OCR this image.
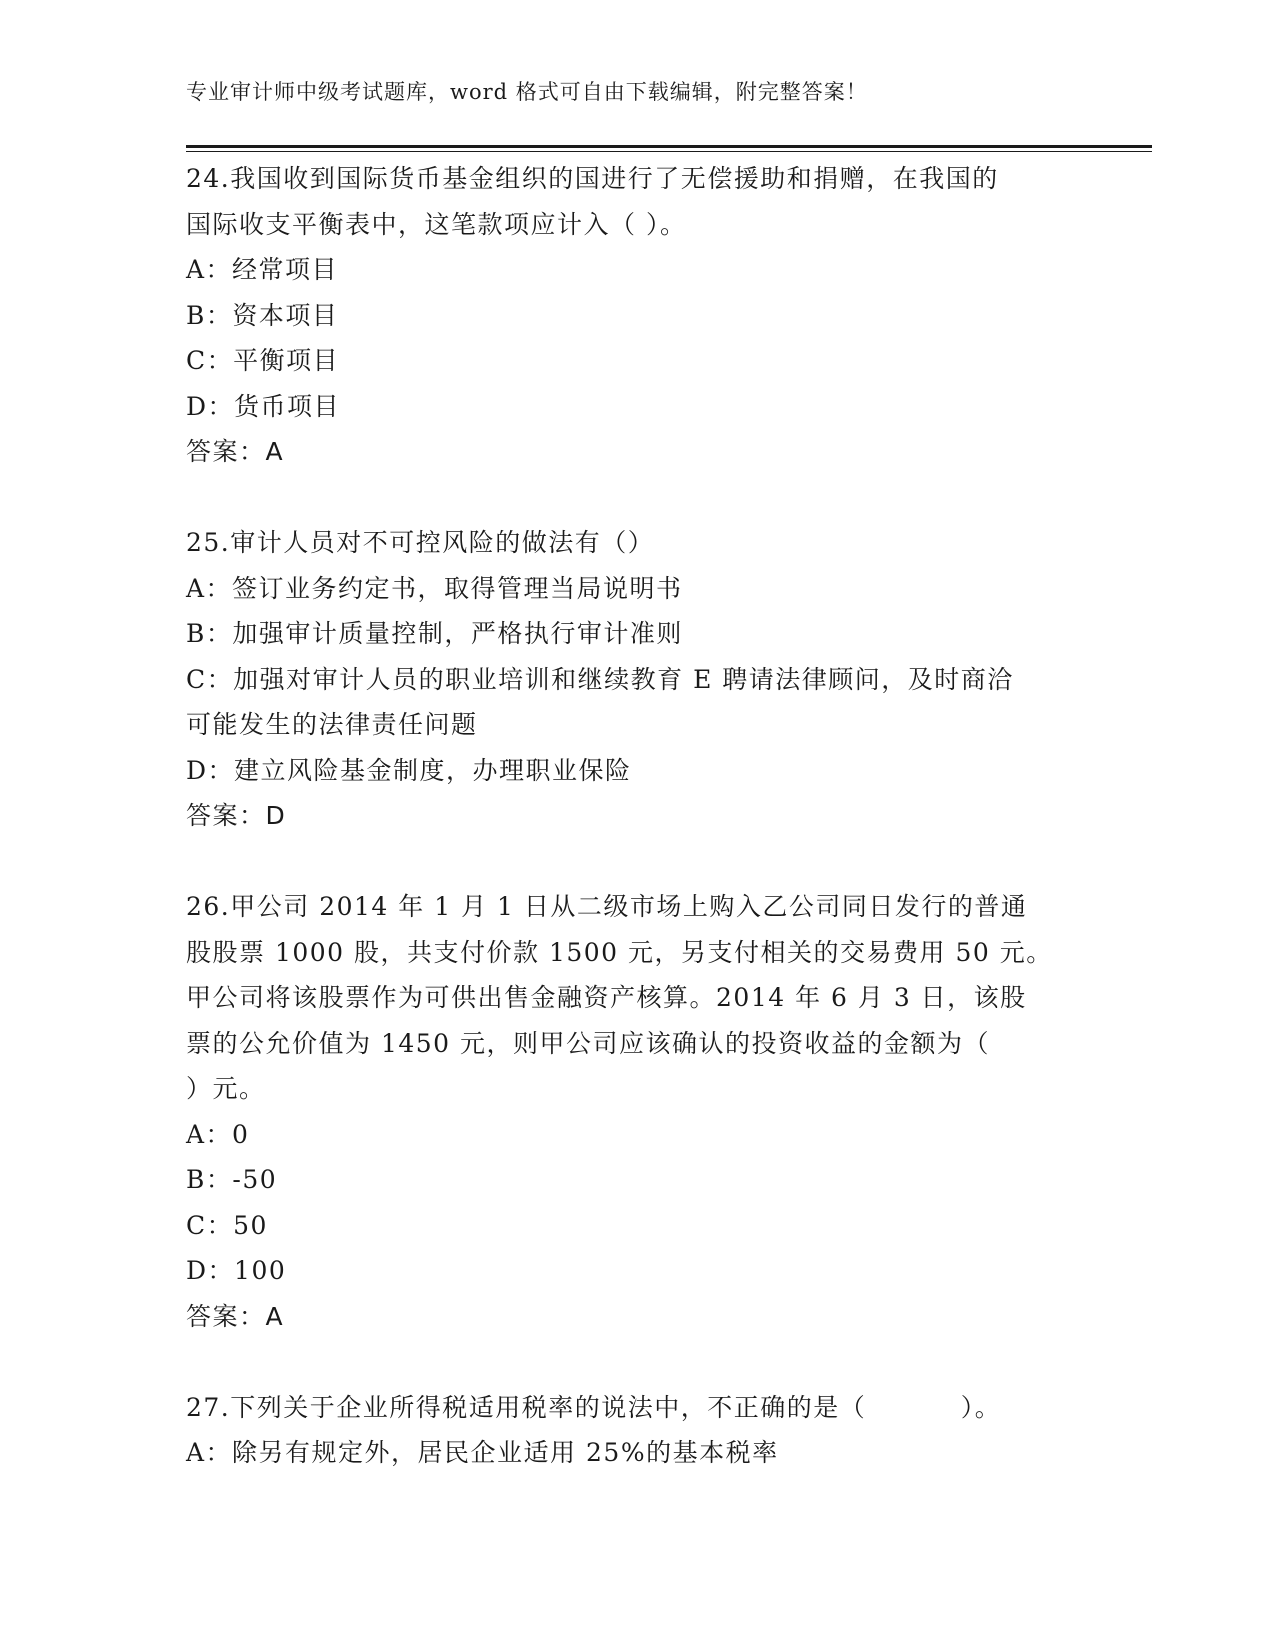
专业审计师中级考试题库，word 格式可自由下载编辑，附完整答案！
24.我国收到国际货币基金组织的国进行了无偿援助和捐赠，在我国的
国际收支平衡表中，这笔款项应计入（ ）。
A：经常项目
B：资本项目
C：平衡项目
D：货币项目
答案：A
25.审计人员对不可控风险的做法有（）
A：签订业务约定书，取得管理当局说明书
B：加强审计质量控制，严格执行审计准则
C：加强对审计人员的职业培训和继续教育 E 聘请法律顾问，及时商洽
可能发生的法律责任问题
D：建立风险基金制度，办理职业保险
答案：D
26.甲公司 2014 年 1 月 1 日从二级市场上购入乙公司同日发行的普通
股股票 1000 股，共支付价款 1500 元，另支付相关的交易费用 50 元。
甲公司将该股票作为可供出售金融资产核算。2014 年 6 月 3 日，该股
票的公允价值为 1450 元，则甲公司应该确认的投资收益的金额为（
）元。
A：0
B：-50
C：50
D：100
答案：A
27.下列关于企业所得税适用税率的说法中，不正确的是（          ）。
A：除另有规定外，居民企业适用 25%的基本税率
